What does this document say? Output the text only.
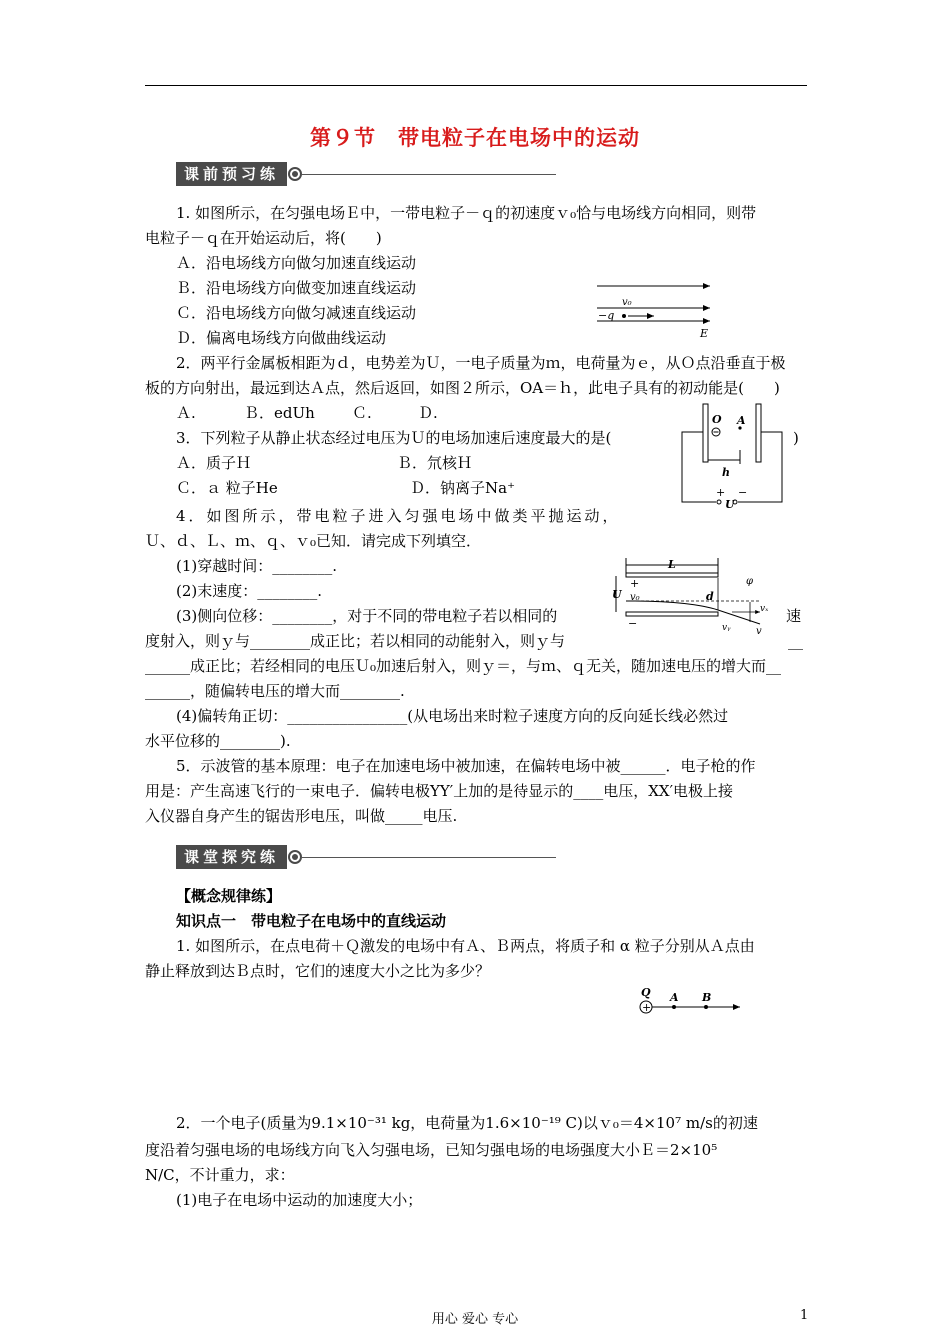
第９节　带电粒子在电场中的运动
课前预习练
1. 如图所示，在匀强电场Ｅ中，一带电粒子－ｑ的初速度ｖ₀恰与电场线方向相同，则带
电粒子－ｑ在开始运动后，将(　　)
Ａ．沿电场线方向做匀加速直线运动
Ｂ．沿电场线方向做变加速直线运动
Ｃ．沿电场线方向做匀减速直线运动
Ｄ．偏离电场线方向做曲线运动
v₀
−q
E
2．两平行金属板相距为ｄ，电势差为Ｕ，一电子质量为ｍ，电荷量为ｅ，从Ｏ点沿垂直于极
板的方向射出，最远到达Ａ点，然后返回，如图２所示，OA＝ｈ，此电子具有的初动能是(　　)
Ａ.	Ｂ．edUh Ｃ.	Ｄ.
3．下列粒子从静止状态经过电压为Ｕ的电场加速后速度最大的是(	)
Ａ．质子Ｈ	Ｂ．氘核Ｈ
Ｃ．ａ 粒子He	Ｄ．钠离子Na⁺
O A
h
+ −
U
4．如图所示，带电粒子进入匀强电场中做类平抛运动，
Ｕ、ｄ、Ｌ、ｍ、ｑ、ｖ₀已知．请完成下列填空．
(1)穿越时间：________.
(2)末速度：________.
(3)侧向位移：________，对于不同的带电粒子若以相同的	速
度射入，则ｙ与________成正比；若以相同的动能射入，则ｙ与	__
______成正比；若经相同的电压Ｕ₀加速后射入，则ｙ＝，与ｍ、ｑ无关，随加速电压的增大而__
______，随偏转电压的增大而________.
(4)偏转角正切：________________(从电场出来时粒子速度方向的反向延长线必然过
水平位移的________).
L
+
−
U v₀	d
φ
vₓ
vᵧ	v
5．示波管的基本原理：电子在加速电场中被加速，在偏转电场中被______．电子枪的作
用是：产生高速飞行的一束电子．偏转电极YY′上加的是待显示的____电压，XX′电极上接
入仪器自身产生的锯齿形电压，叫做_____电压.
课堂探究练
【概念规律练】
知识点一　带电粒子在电场中的直线运动
1. 如图所示，在点电荷＋Ｑ激发的电场中有Ａ、Ｂ两点，将质子和 α 粒子分别从Ａ点由
静止释放到达Ｂ点时，它们的速度大小之比为多少？
+
Q A B
2．一个电子(质量为9.1×10⁻³¹ kg，电荷量为1.6×10⁻¹⁹ C)以ｖ₀＝4×10⁷ m/s的初速
度沿着匀强电场的电场线方向飞入匀强电场，已知匀强电场的电场强度大小Ｅ＝2×10⁵
N/C，不计重力，求：
(1)电子在电场中运动的加速度大小；
用心 爱心 专心	1
